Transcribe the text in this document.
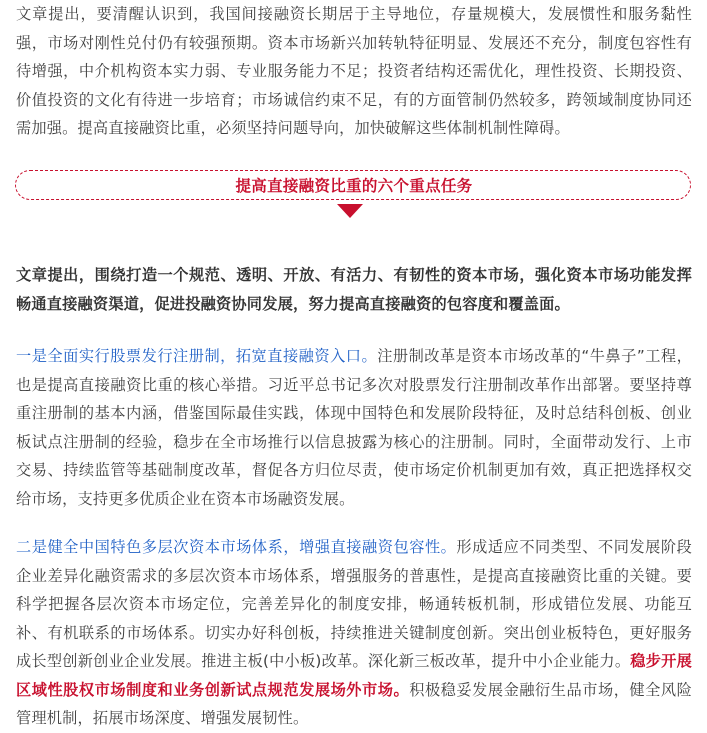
文章提出，要清醒认识到，我国间接融资长期居于主导地位，存量规模大，发展惯性和服务黏性强，市场对刚性兑付仍有较强预期。资本市场新兴加转轨特征明显、发展还不充分，制度包容性有待增强，中介机构资本实力弱、专业服务能力不足；投资者结构还需优化，理性投资、长期投资、价值投资的文化有待进一步培育；市场诚信约束不足，有的方面管制仍然较多，跨领域制度协同还需加强。提高直接融资比重，必须坚持问题导向，加快破解这些体制机制性障碍。

提高直接融资比重的六个重点任务

文章提出，围绕打造一个规范、透明、开放、有活力、有韧性的资本市场，强化资本市场功能发挥畅通直接融资渠道，促进投融资协同发展，努力提高直接融资的包容度和覆盖面。

一是全面实行股票发行注册制，拓宽直接融资入口。注册制改革是资本市场改革的“牛鼻子”工程，也是提高直接融资比重的核心举措。习近平总书记多次对股票发行注册制改革作出部署。要坚持尊重注册制的基本内涵，借鉴国际最佳实践，体现中国特色和发展阶段特征，及时总结科创板、创业板试点注册制的经验，稳步在全市场推行以信息披露为核心的注册制。同时，全面带动发行、上市交易、持续监管等基础制度改革，督促各方归位尽责，使市场定价机制更加有效，真正把选择权交给市场，支持更多优质企业在资本市场融资发展。

二是健全中国特色多层次资本市场体系，增强直接融资包容性。形成适应不同类型、不同发展阶段企业差异化融资需求的多层次资本市场体系，增强服务的普惠性，是提高直接融资比重的关键。要科学把握各层次资本市场定位，完善差异化的制度安排，畅通转板机制，形成错位发展、功能互补、有机联系的市场体系。切实办好科创板，持续推进关键制度创新。突出创业板特色，更好服务成长型创新创业企业发展。推进主板(中小板)改革。深化新三板改革，提升中小企业能力。稳步开展区域性股权市场制度和业务创新试点规范发展场外市场。积极稳妥发展金融衍生品市场，健全风险管理机制，拓展市场深度、增强发展韧性。
